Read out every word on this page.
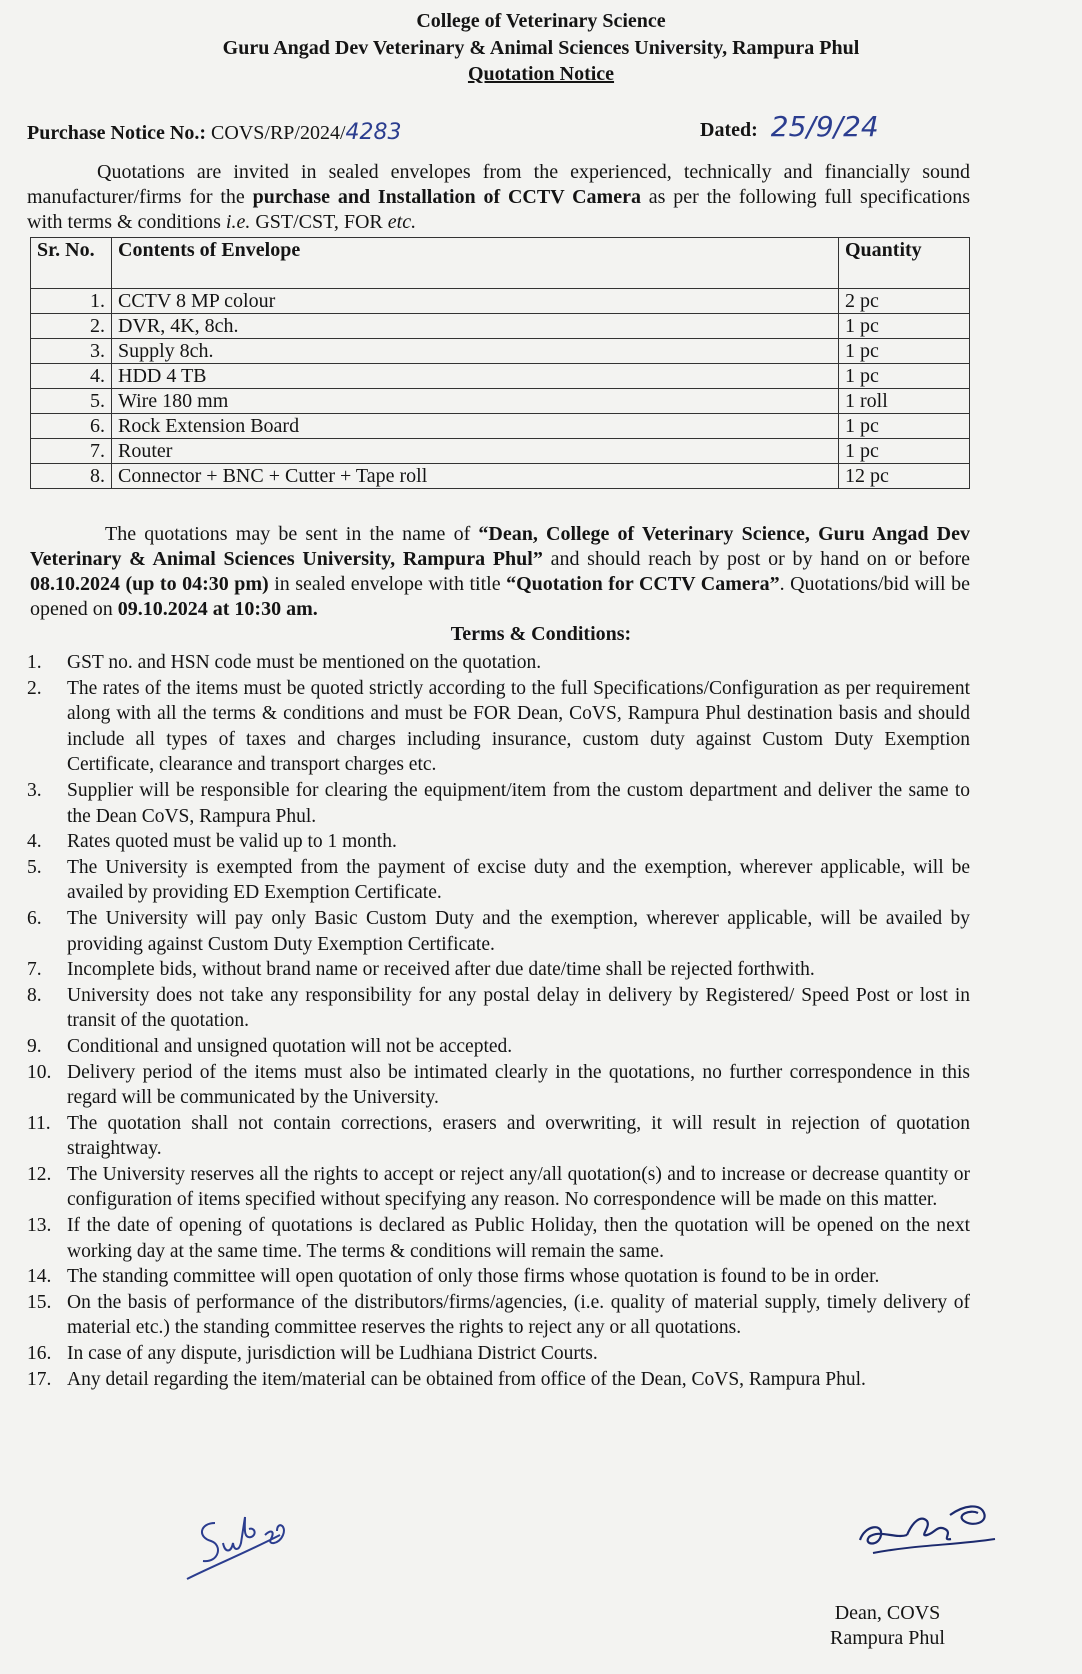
College of Veterinary Science
Guru Angad Dev Veterinary & Animal Sciences University, Rampura Phul
Quotation Notice
Purchase Notice No.: COVS/RP/2024/4283	Dated: 25/9/24
Quotations are invited in sealed envelopes from the experienced, technically and financially sound manufacturer/firms for the purchase and Installation of CCTV Camera as per the following full specifications with terms & conditions i.e. GST/CST, FOR etc.
Sr. No.	Contents of Envelope	Quantity
1.	CCTV 8 MP colour	2 pc
2.	DVR, 4K, 8ch.	1 pc
3.	Supply 8ch.	1 pc
4.	HDD 4 TB	1 pc
5.	Wire 180 mm	1 roll
6.	Rock Extension Board	1 pc
7.	Router	1 pc
8.	Connector + BNC + Cutter + Tape roll	12 pc
The quotations may be sent in the name of “Dean, College of Veterinary Science, Guru Angad Dev Veterinary & Animal Sciences University, Rampura Phul” and should reach by post or by hand on or before 08.10.2024 (up to 04:30 pm) in sealed envelope with title “Quotation for CCTV Camera”. Quotations/bid will be opened on 09.10.2024 at 10:30 am.
Terms & Conditions:
1.	GST no. and HSN code must be mentioned on the quotation.
2.	The rates of the items must be quoted strictly according to the full Specifications/Configuration as per requirement along with all the terms & conditions and must be FOR Dean, CoVS, Rampura Phul destination basis and should include all types of taxes and charges including insurance, custom duty against Custom Duty Exemption Certificate, clearance and transport charges etc.
3.	Supplier will be responsible for clearing the equipment/item from the custom department and deliver the same to the Dean CoVS, Rampura Phul.
4.	Rates quoted must be valid up to 1 month.
5.	The University is exempted from the payment of excise duty and the exemption, wherever applicable, will be availed by providing ED Exemption Certificate.
6.	The University will pay only Basic Custom Duty and the exemption, wherever applicable, will be availed by providing against Custom Duty Exemption Certificate.
7.	Incomplete bids, without brand name or received after due date/time shall be rejected forthwith.
8.	University does not take any responsibility for any postal delay in delivery by Registered/ Speed Post or lost in transit of the quotation.
9.	Conditional and unsigned quotation will not be accepted.
10. Delivery period of the items must also be intimated clearly in the quotations, no further correspondence in this regard will be communicated by the University.
11. The quotation shall not contain corrections, erasers and overwriting, it will result in rejection of quotation straightway.
12. The University reserves all the rights to accept or reject any/all quotation(s) and to increase or decrease quantity or configuration of items specified without specifying any reason. No correspondence will be made on this matter.
13. If the date of opening of quotations is declared as Public Holiday, then the quotation will be opened on the next working day at the same time. The terms & conditions will remain the same.
14. The standing committee will open quotation of only those firms whose quotation is found to be in order.
15. On the basis of performance of the distributors/firms/agencies, (i.e. quality of material supply, timely delivery of material etc.) the standing committee reserves the rights to reject any or all quotations.
16. In case of any dispute, jurisdiction will be Ludhiana District Courts.
17. Any detail regarding the item/material can be obtained from office of the Dean, CoVS, Rampura Phul.
Dean, COVS
Rampura Phul
